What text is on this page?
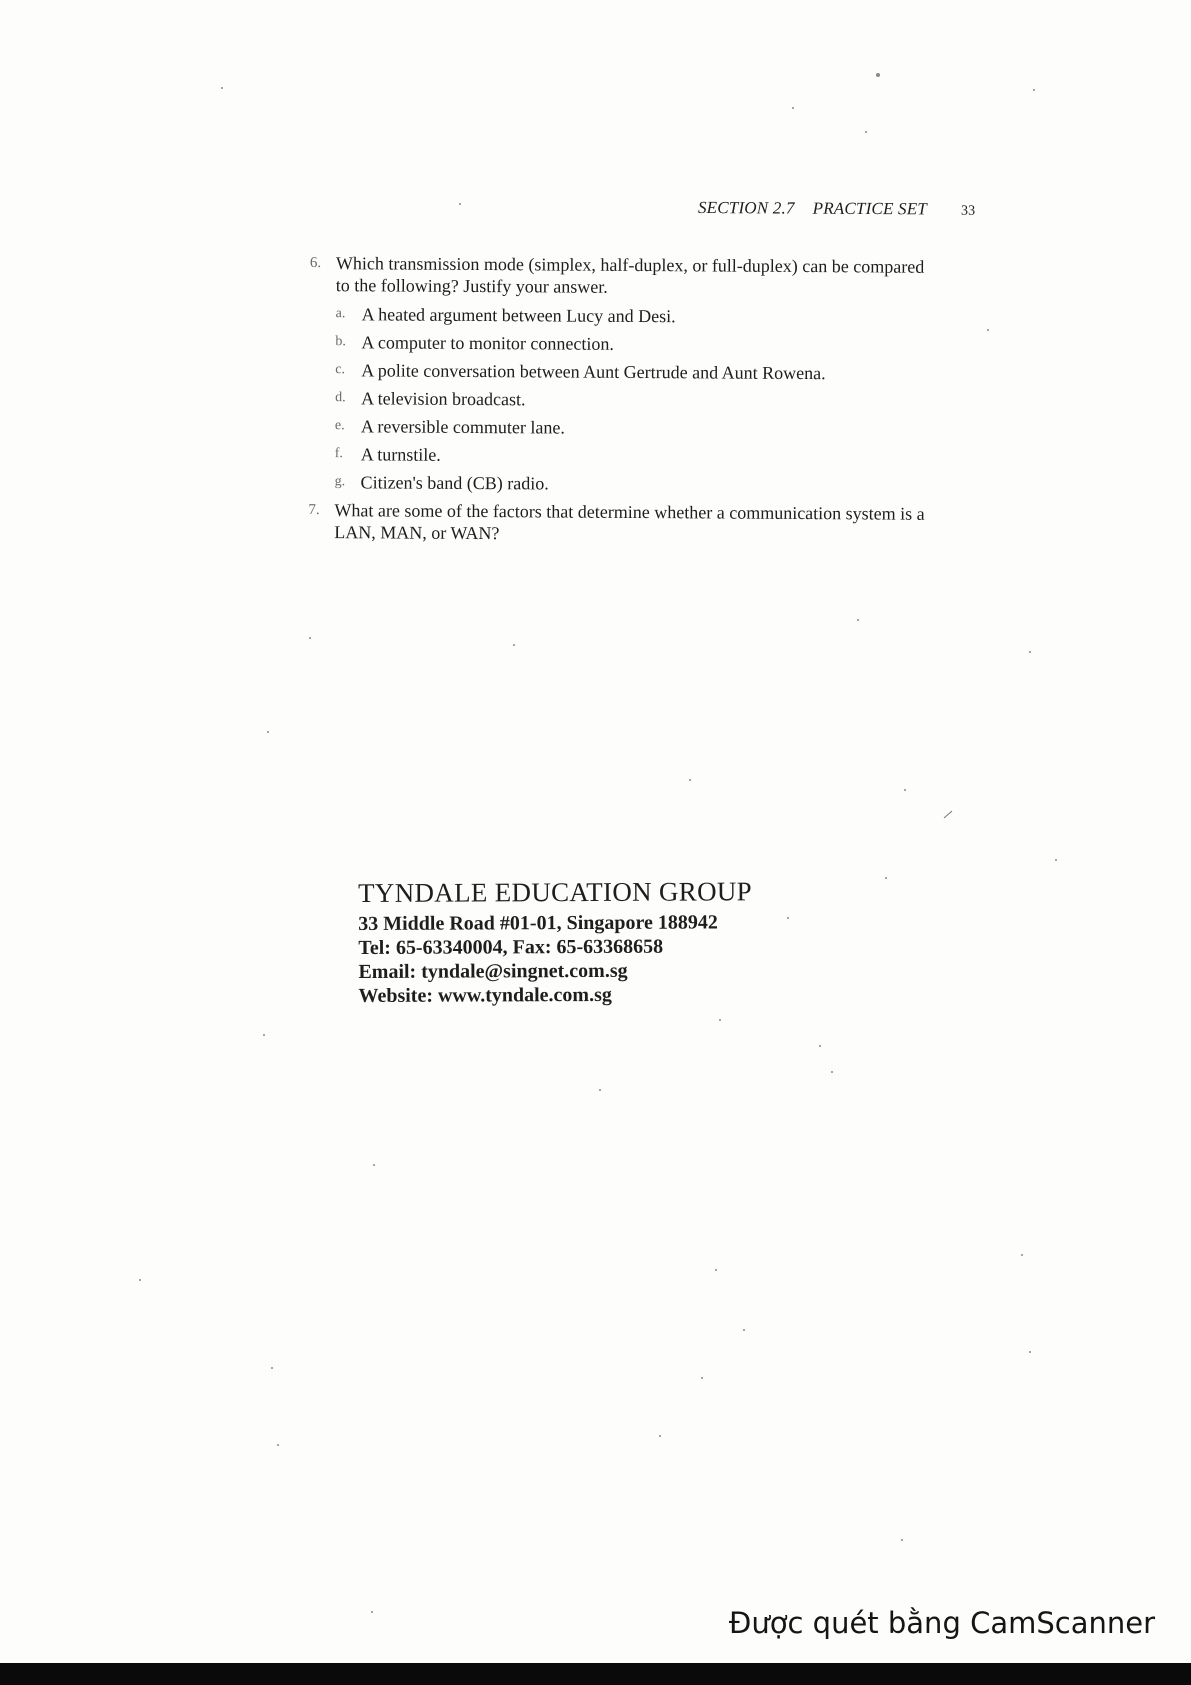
SECTION 2.7 PRACTICE SET 33
6. Which transmission mode (simplex, half-duplex, or full-duplex) can be compared
to the following? Justify your answer.
a. A heated argument between Lucy and Desi.
b. A computer to monitor connection.
c. A polite conversation between Aunt Gertrude and Aunt Rowena.
d. A television broadcast.
e. A reversible commuter lane.
f. A turnstile.
g. Citizen's band (CB) radio.
7. What are some of the factors that determine whether a communication system is a
LAN, MAN, or WAN?
TYNDALE EDUCATION GROUP
33 Middle Road #01-01, Singapore 188942
Tel: 65-63340004, Fax: 65-63368658
Email: tyndale@singnet.com.sg
Website: www.tyndale.com.sg
Được quét bằng CamScanner
